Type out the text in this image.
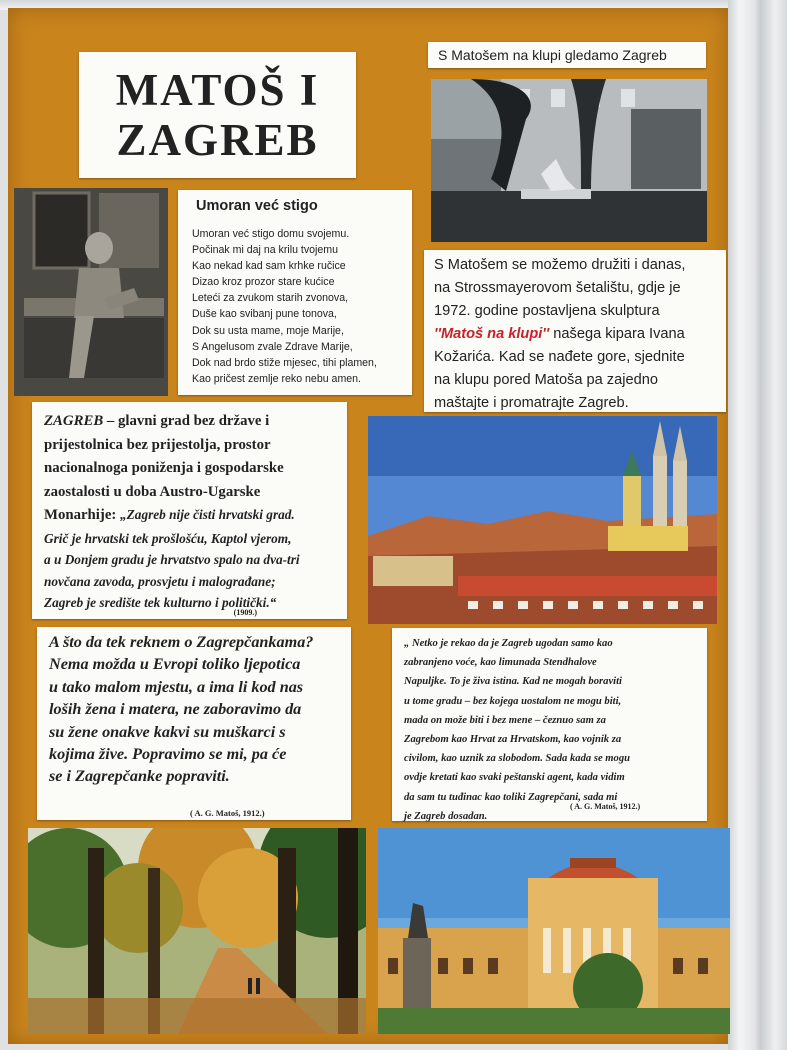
MATOŠ I
ZAGREB
S Matošem na klupi gledamo Zagreb
Umoran već stigo
Umoran već stigo domu svojemu.
Počinak mi daj na krilu tvojemu
Kao nekad kad sam krhke ručice
Dizao kroz prozor stare kućice
Leteći za zvukom starih zvonova,
Duše kao svibanj pune tonova,
Dok su usta mame, moje Marije,
S Angelusom zvale Zdrave Marije,
Dok nad brdo stiže mjesec, tihi plamen,
Kao pričest zemlje reko nebu amen.
S Matošem se možemo družiti i danas,
na Strossmayerovom šetalištu, gdje je
1972. godine postavljena skulptura
''Matoš na klupi'' našega kipara Ivana
Kožarića. Kad se nađete gore, sjednite
na klupu pored Matoša pa zajedno
maštajte i promatrajte Zagreb.
ZAGREB – glavni grad bez države i
prijestolnica bez prijestolja, prostor
nacionalnoga poniženja i gospodarske
zaostalosti u doba Austro-Ugarske
Monarhije: „Zagreb nije čisti hrvatski grad.
Grič je hrvatski tek prošlošću, Kaptol vjerom,
a u Donjem gradu je hrvatstvo spalo na dva-tri
novčana zavoda, prosvjetu i malograđane;
Zagreb je središte tek kulturno i politički.“
(1909.)
A što da tek reknem o Zagrepčankama?
Nema možda u Evropi toliko ljepotica
u tako malom mjestu, a ima li kod nas
loših žena i matera, ne zaboravimo da
su žene onakve kakvi su muškarci s
kojima žive. Popravimo se mi, pa će
se i Zagrepčanke popraviti.
( A. G. Matoš, 1912.)
„ Netko je rekao da je Zagreb ugodan samo kao
zabranjeno voće, kao limunada Stendhalove
Napuljke. To je živa istina. Kad ne mogah boraviti
u tome gradu – bez kojega uostalom ne mogu biti,
mada on može biti i bez mene – čeznuo sam za
Zagrebom kao Hrvat za Hrvatskom, kao vojnik za
civilom, kao uznik za slobodom. Sada kada se mogu
ovdje kretati kao svaki peštanski agent, kada vidim
da sam tu tuđinac kao toliki Zagrepčani, sada mi
je Zagreb dosadan.
( A. G. Matoš, 1912.)
